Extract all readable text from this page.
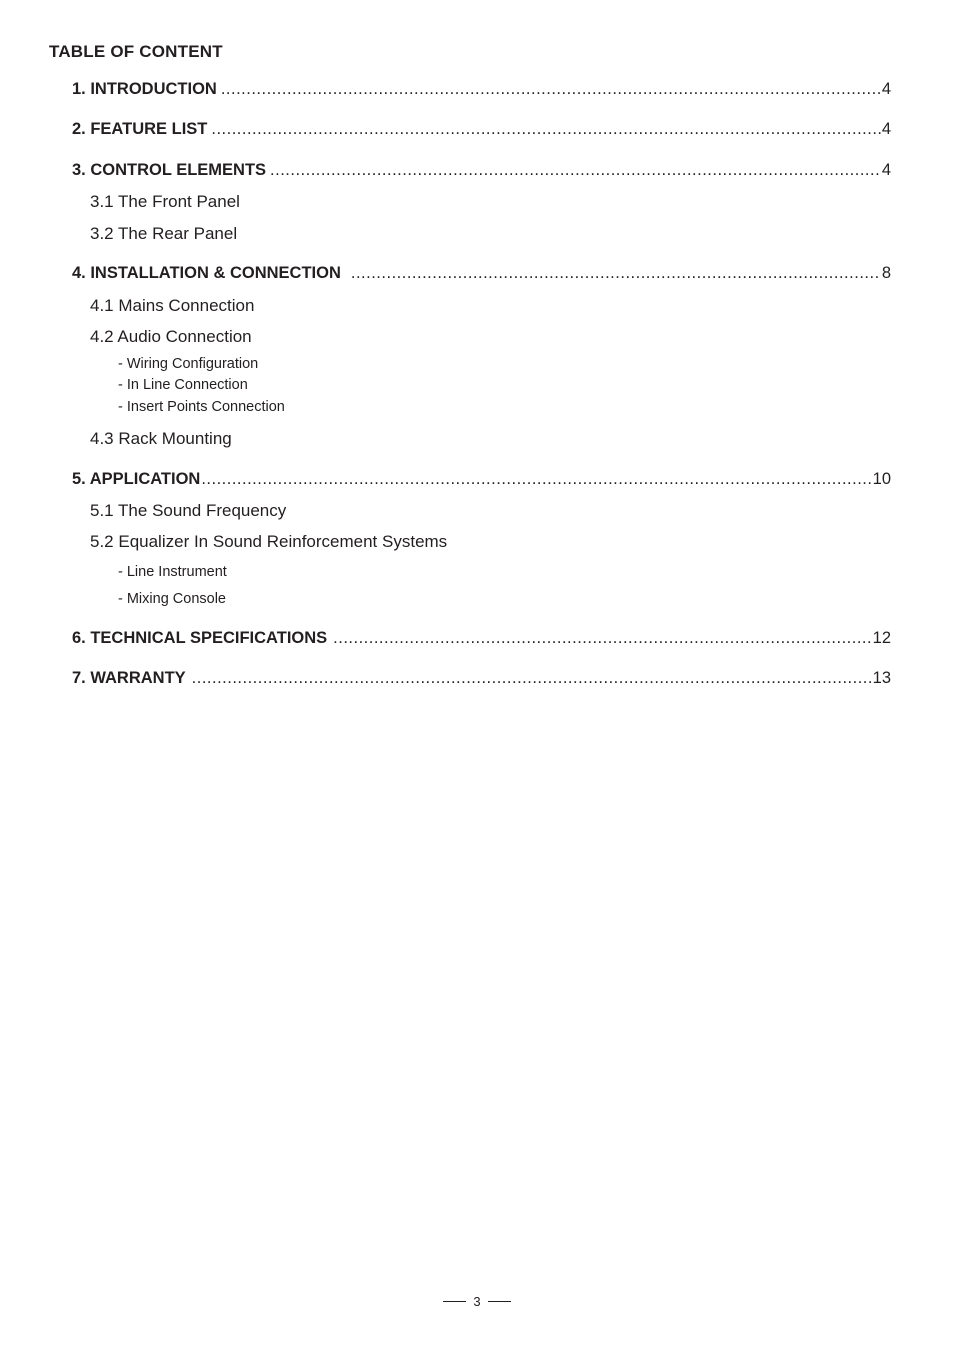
TABLE OF CONTENT
1. INTRODUCTION .....	4
2. FEATURE LIST .....	4
3. CONTROL ELEMENTS .....	4
3.1 The Front Panel
3.2 The Rear Panel
4. INSTALLATION & CONNECTION .....	8
4.1 Mains Connection
4.2 Audio Connection
- Wiring Configuration
- In Line Connection
- Insert Points Connection
4.3 Rack Mounting
5. APPLICATION .....	10
5.1 The Sound Frequency
5.2 Equalizer In Sound Reinforcement Systems
- Line Instrument
- Mixing Console
6. TECHNICAL SPECIFICATIONS .....	12
7. WARRANTY .....	13
3
